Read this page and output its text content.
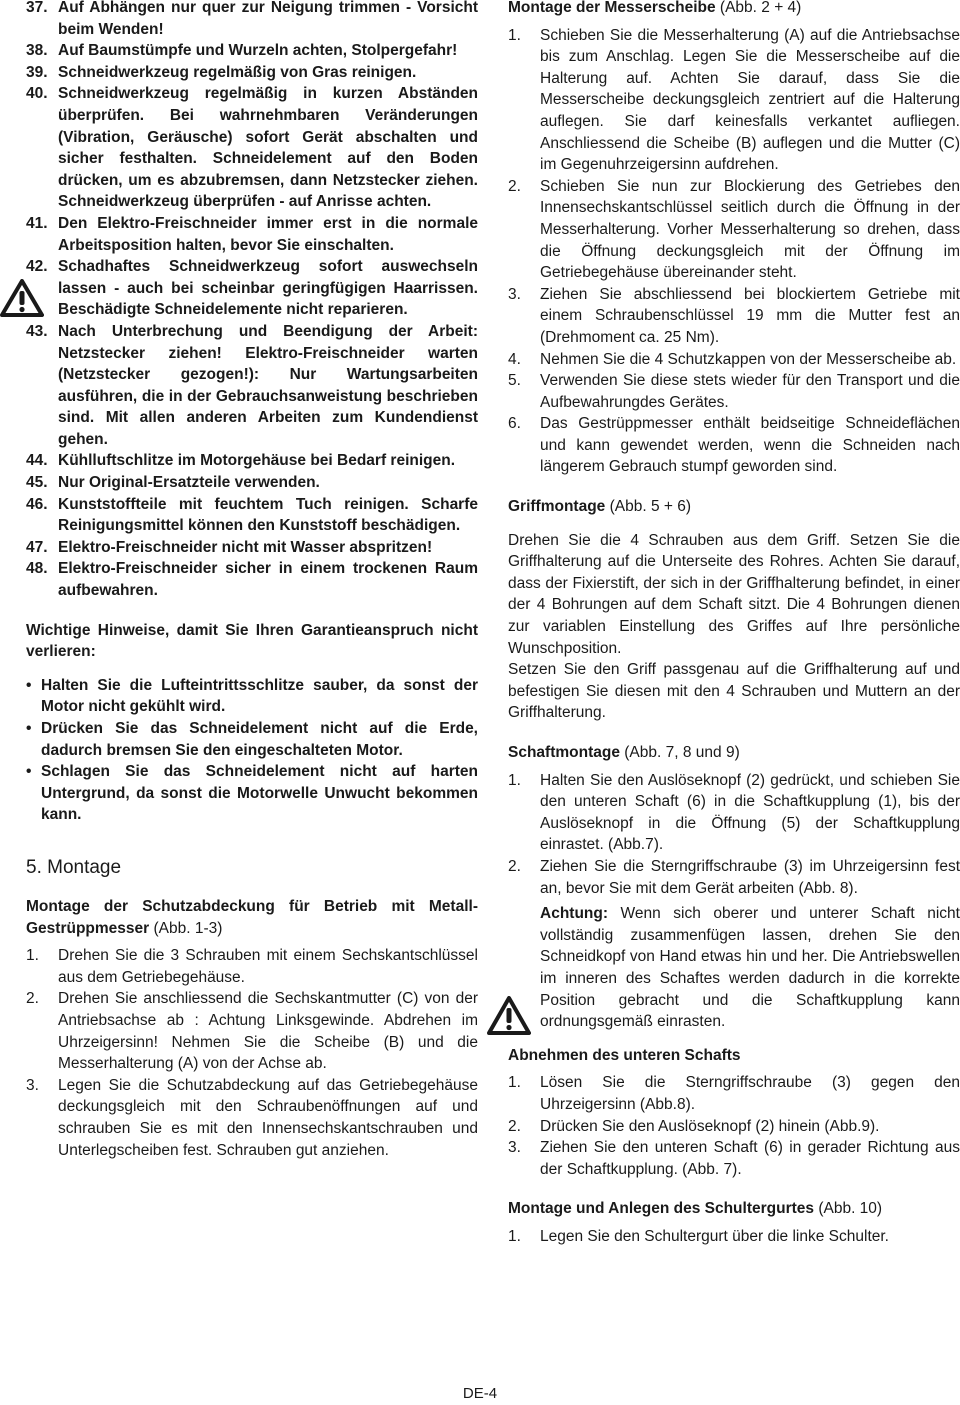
37. Auf Abhängen nur quer zur Neigung trimmen - Vorsicht beim Wenden!
38. Auf Baumstümpfe und Wurzeln achten, Stolpergefahr!
39. Schneidwerkzeug regelmäßig von Gras reinigen.
40. Schneidwerkzeug regelmäßig in kurzen Abständen überprüfen. Bei wahrnehmbaren Veränderungen (Vibration, Geräusche) sofort Gerät abschalten und sicher festhalten. Schneidelement auf den Boden drücken, um es abzubremsen, dann Netzstecker ziehen. Schneidwerkzeug überprüfen - auf Anrisse achten.
41. Den Elektro-Freischneider immer erst in die normale Arbeitsposition halten, bevor Sie einschalten.
42. Schadhaftes Schneidwerkzeug sofort auswechseln lassen - auch bei scheinbar geringfügigen Haarrissen. Beschädigte Schneidelemente nicht reparieren.
43. Nach Unterbrechung und Beendigung der Arbeit: Netzstecker ziehen! Elektro-Freischneider warten (Netzstecker gezogen!): Nur Wartungsarbeiten ausführen, die in der Gebrauchsanweistung beschrieben sind. Mit allen anderen Arbeiten zum Kundendienst gehen.
44. Kühlluftschlitze im Motorgehäuse bei Bedarf reinigen.
45. Nur Original-Ersatzteile verwenden.
46. Kunststoffteile mit feuchtem Tuch reinigen. Scharfe Reinigungsmittel können den Kunststoff beschädigen.
47. Elektro-Freischneider nicht mit Wasser abspritzen!
48. Elektro-Freischneider sicher in einem trockenen Raum aufbewahren.
Wichtige Hinweise, damit Sie Ihren Garantieanspruch nicht verlieren:
• Halten Sie die Lufteintrittsschlitze sauber, da sonst der Motor nicht gekühlt wird.
• Drücken Sie das Schneidelement nicht auf die Erde, dadurch bremsen Sie den eingeschalteten Motor.
• Schlagen Sie das Schneidelement nicht auf harten Untergrund, da sonst die Motorwelle Unwucht bekommen kann.
5. Montage
Montage der Schutzabdeckung für Betrieb mit Metall-Gestrüppmesser (Abb. 1-3)
1.	Drehen Sie die 3 Schrauben mit einem Sechskantschlüssel aus dem Getriebegehäuse.
2.	Drehen Sie anschliessend die Sechskantmutter (C) von der Antriebsachse ab : Achtung Linksgewinde. Abdrehen im Uhrzeigersinn! Nehmen Sie die Scheibe (B) und die Messerhalterung (A) von der Achse ab.
3.	Legen Sie die Schutzabdeckung auf das Getriebegehäuse deckungsgleich mit den Schraubenöffnungen auf und schrauben Sie es mit den Innensechskantschrauben und Unterlegscheiben fest. Schrauben gut anziehen.
Montage der Messerscheibe (Abb. 2 + 4)
1.	Schieben Sie die Messerhalterung (A) auf die Antriebsachse bis zum Anschlag. Legen Sie die Messerscheibe auf die Halterung auf. Achten Sie darauf, dass Sie die Messerscheibe deckungsgleich zentriert auf die Halterung auflegen. Sie darf keinesfalls verkantet aufliegen. Anschliessend die Scheibe (B) auflegen und die Mutter (C) im Gegenuhrzeigersinn aufdrehen.
2.	Schieben Sie nun zur Blockierung des Getriebes den Innensechskantschlüssel seitlich durch die Öffnung in der Messerhalterung. Vorher Messerhalterung so drehen, dass die Öffnung deckungsgleich mit der Öffnung im Getriebegehäuse übereinander steht.
3.	Ziehen Sie abschliessend bei blockiertem Getriebe mit einem Schraubenschlüssel 19 mm die Mutter fest an (Drehmoment ca. 25 Nm).
4.	Nehmen Sie die 4 Schutzkappen von der Messerscheibe ab.
5.	Verwenden Sie diese stets wieder für den Transport und die Aufbewahrungdes Gerätes.
6.	Das Gestrüppmesser enthält beidseitige Schneideflächen und kann gewendet werden, wenn die Schneiden nach längerem Gebrauch stumpf geworden sind.
Griffmontage (Abb. 5 + 6)
Drehen Sie die 4 Schrauben aus dem Griff. Setzen Sie die Griffhalterung auf die Unterseite des Rohres. Achten Sie darauf, dass der Fixierstift, der sich in der Griffhalterung befindet, in einer der 4 Bohrungen auf dem Schaft sitzt. Die 4 Bohrungen dienen zur variablen Einstellung des Griffes auf Ihre persönliche Wunschposition.
Setzen Sie den Griff passgenau auf die Griffhalterung auf und befestigen Sie diesen mit den 4 Schrauben und Muttern an der Griffhalterung.
Schaftmontage (Abb. 7, 8 und 9)
1.	Halten Sie den Auslöseknopf (2) gedrückt, und schieben Sie den unteren Schaft (6) in die Schaftkupplung (1), bis der Auslöseknopf in die Öffnung (5) der Schaftkupplung einrastet. (Abb.7).
2.	Ziehen Sie die Sterngriffschraube (3) im Uhrzeigersinn fest an, bevor Sie mit dem Gerät arbeiten (Abb. 8).
Achtung: Wenn sich oberer und unterer Schaft nicht vollständig zusammenfügen lassen, drehen Sie den Schneidkopf von Hand etwas hin und her. Die Antriebswellen im inneren des Schaftes werden dadurch in die korrekte Position gebracht und die Schaftkupplung kann ordnungsgemäß einrasten.
Abnehmen des unteren Schafts
1.	Lösen Sie die Sterngriffschraube (3) gegen den Uhrzeigersinn (Abb.8).
2.	Drücken Sie den Auslöseknopf (2) hinein (Abb.9).
3.	Ziehen Sie den unteren Schaft (6) in gerader Richtung aus der Schaftkupplung. (Abb. 7).
Montage und Anlegen des Schultergurtes (Abb. 10)
1.	Legen Sie den Schultergurt über die linke Schulter.
DE-4
